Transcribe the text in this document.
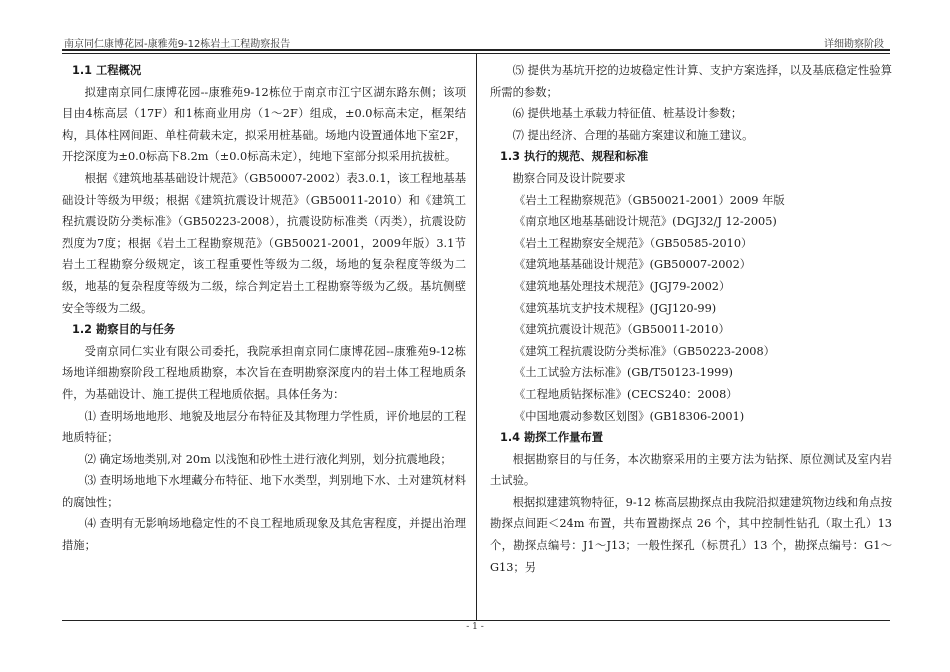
南京同仁康博花园-康雅苑9-12栋岩土工程勘察报告	详细勘察阶段
1.1 工程概况
拟建南京同仁康博花园--康雅苑9-12栋位于南京市江宁区湖东路东侧；该项目由4栋高层（17F）和1栋商业用房（1～2F）组成，±0.0标高未定，框架结构，具体柱网间距、单柱荷载未定，拟采用桩基础。场地内设置通体地下室2F，开挖深度为±0.0标高下8.2m（±0.0标高未定），纯地下室部分拟采用抗拔桩。
根据《建筑地基基础设计规范》（GB50007-2002）表3.0.1，该工程地基基础设计等级为甲级；根据《建筑抗震设计规范》（GB50011-2010）和《建筑工程抗震设防分类标准》（GB50223-2008），抗震设防标准类（丙类），抗震设防烈度为7度；根据《岩土工程勘察规范》（GB50021-2001，2009年版）3.1节岩土工程勘察分级规定，该工程重要性等级为二级，场地的复杂程度等级为二级，地基的复杂程度等级为二级，综合判定岩土工程勘察等级为乙级。基坑侧壁安全等级为二级。
1.2 勘察目的与任务
受南京同仁实业有限公司委托，我院承担南京同仁康博花园--康雅苑9-12栋场地详细勘察阶段工程地质勘察，本次旨在查明勘察深度内的岩土体工程地质条件，为基础设计、施工提供工程地质依据。具体任务为：
⑴ 查明场地地形、地貌及地层分布特征及其物理力学性质，评价地层的工程地质特征；
⑵ 确定场地类别,对 20m 以浅饱和砂性土进行液化判别，划分抗震地段；
⑶ 查明场地地下水埋藏分布特征、地下水类型，判别地下水、土对建筑材料的腐蚀性；
⑷ 查明有无影响场地稳定性的不良工程地质现象及其危害程度，并提出治理措施；
⑸ 提供为基坑开挖的边坡稳定性计算、支护方案选择，以及基底稳定性验算所需的参数；
⑹ 提供地基土承载力特征值、桩基设计参数；
⑺ 提出经济、合理的基础方案建议和施工建议。
1.3 执行的规范、规程和标准
勘察合同及设计院要求
《岩土工程勘察规范》（GB50021-2001）2009 年版
《南京地区地基基础设计规范》(DGJ32/J 12-2005)
《岩土工程勘察安全规范》（GB50585-2010）
《建筑地基基础设计规范》(GB50007-2002）
《建筑地基处理技术规范》(JGJ79-2002）
《建筑基坑支护技术规程》(JGJ120-99)
《建筑抗震设计规范》（GB50011-2010）
《建筑工程抗震设防分类标准》（GB50223-2008）
《土工试验方法标准》(GB/T50123-1999)
《工程地质钻探标准》(CECS240：2008）
《中国地震动参数区划图》(GB18306-2001)
1.4 勘探工作量布置
根据勘察目的与任务，本次勘察采用的主要方法为钻探、原位测试及室内岩土试验。
根据拟建建筑物特征，9-12 栋高层勘探点由我院沿拟建建筑物边线和角点按勘探点间距＜24m 布置，共布置勘探点 26 个，其中控制性钻孔（取土孔）13 个，勘探点编号：J1～J13；一般性探孔（标贯孔）13 个，勘探点编号：G1～G13；另
- 1 -
